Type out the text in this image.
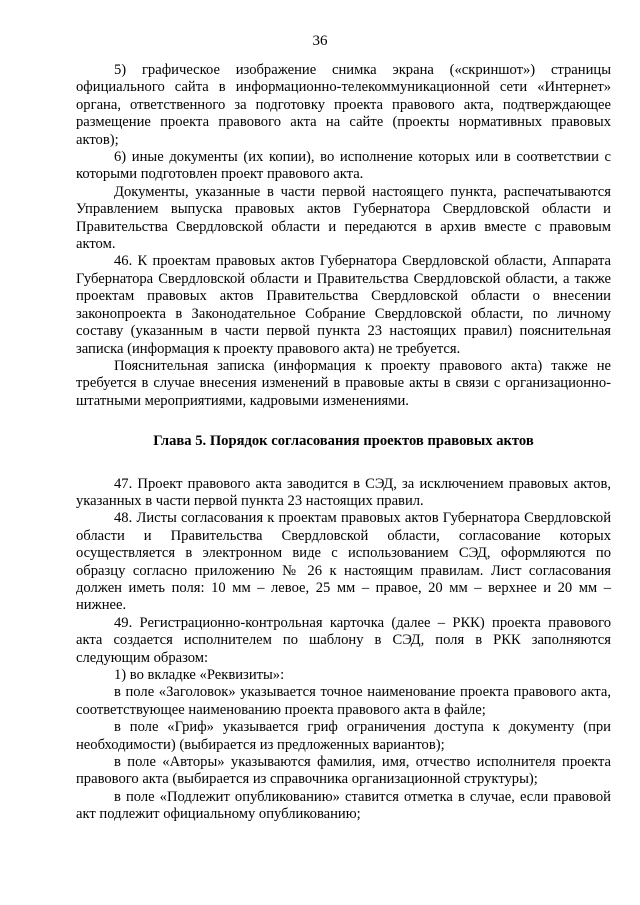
36

5) графическое изображение снимка экрана («скриншот») страницы официального сайта в информационно-телекоммуникационной сети «Интернет» органа, ответственного за подготовку проекта правового акта, подтверждающее размещение проекта правового акта на сайте (проекты нормативных правовых актов);

6) иные документы (их копии), во исполнение которых или в соответствии с которыми подготовлен проект правового акта.

Документы, указанные в части первой настоящего пункта, распечатываются Управлением выпуска правовых актов Губернатора Свердловской области и Правительства Свердловской области и передаются в архив вместе с правовым актом.

46. К проектам правовых актов Губернатора Свердловской области, Аппарата Губернатора Свердловской области и Правительства Свердловской области, а также проектам правовых актов Правительства Свердловской области о внесении законопроекта в Законодательное Собрание Свердловской области, по личному составу (указанным в части первой пункта 23 настоящих правил) пояснительная записка (информация к проекту правового акта) не требуется.

Пояснительная записка (информация к проекту правового акта) также не требуется в случае внесения изменений в правовые акты в связи с организационно-штатными мероприятиями, кадровыми изменениями.

Глава 5. Порядок согласования проектов правовых актов

47. Проект правового акта заводится в СЭД, за исключением правовых актов, указанных в части первой пункта 23 настоящих правил.

48. Листы согласования к проектам правовых актов Губернатора Свердловской области и Правительства Свердловской области, согласование которых осуществляется в электронном виде с использованием СЭД, оформляются по образцу согласно приложению № 26 к настоящим правилам. Лист согласования должен иметь поля: 10 мм – левое, 25 мм – правое, 20 мм – верхнее и 20 мм – нижнее.

49. Регистрационно-контрольная карточка (далее – РКК) проекта правового акта создается исполнителем по шаблону в СЭД, поля в РКК заполняются следующим образом:

1) во вкладке «Реквизиты»:

в поле «Заголовок» указывается точное наименование проекта правового акта, соответствующее наименованию проекта правового акта в файле;

в поле «Гриф» указывается гриф ограничения доступа к документу (при необходимости) (выбирается из предложенных вариантов);

в поле «Авторы» указываются фамилия, имя, отчество исполнителя проекта правового акта (выбирается из справочника организационной структуры);

в поле «Подлежит опубликованию» ставится отметка в случае, если правовой акт подлежит официальному опубликованию;
